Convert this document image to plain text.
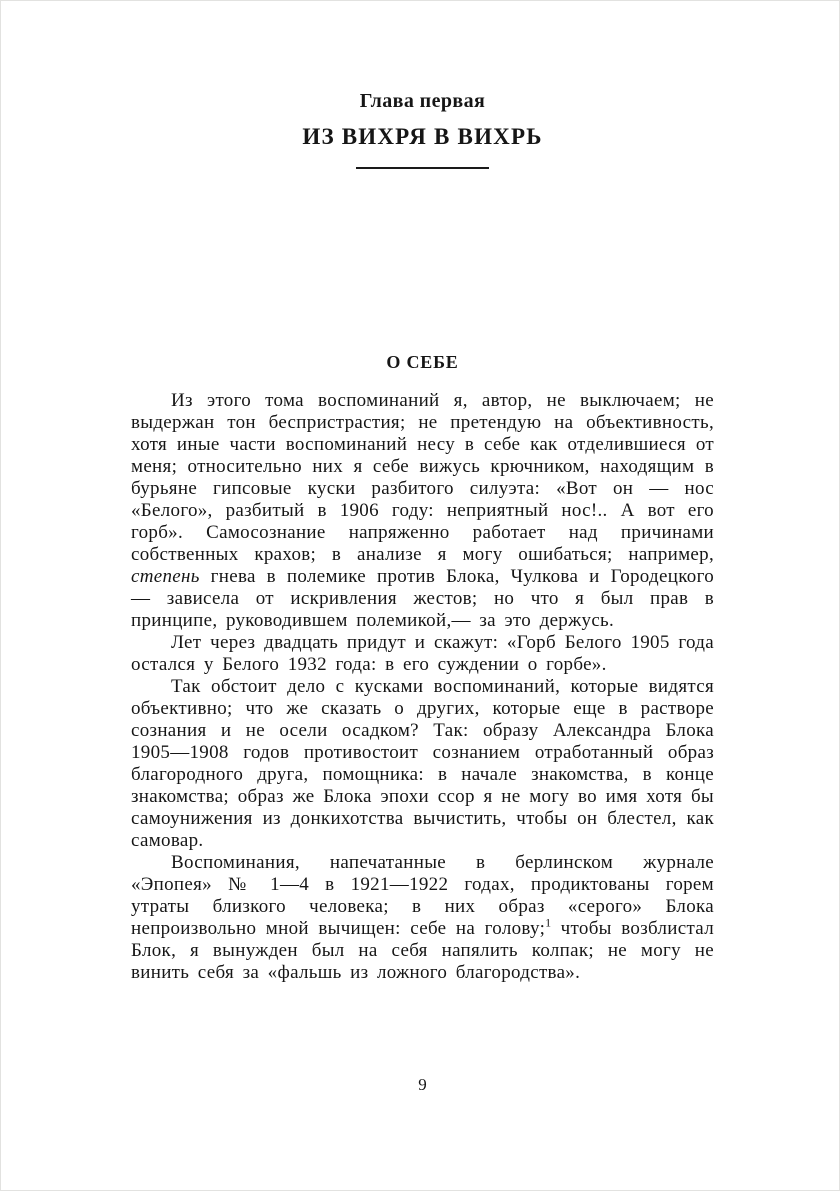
Глава первая
ИЗ ВИХРЯ В ВИХРЬ
О СЕБЕ

Из этого тома воспоминаний я, автор, не выключаем; не выдержан тон беспристрастия; не претендую на объективность, хотя иные части воспоминаний несу в себе как отделившиеся от меня; относительно них я себе вижусь крючником, находящим в бурьяне гипсовые куски разбитого силуэта: «Вот он — нос «Белого», разбитый в 1906 году: неприятный нос!.. А вот его горб». Самосознание напряженно работает над причинами собственных крахов; в анализе я могу ошибаться; например, степень гнева в полемике против Блока, Чулкова и Городецкого — зависела от искривления жестов; но что я был прав в принципе, руководившем полемикой,— за это держусь.

Лет через двадцать придут и скажут: «Горб Белого 1905 года остался у Белого 1932 года: в его суждении о горбе».

Так обстоит дело с кусками воспоминаний, которые видятся объективно; что же сказать о других, которые еще в растворе сознания и не осели осадком? Так: образу Александра Блока 1905—1908 годов противостоит сознанием отработанный образ благородного друга, помощника: в начале знакомства, в конце знакомства; образ же Блока эпохи ссор я не могу во имя хотя бы самоунижения из донкихотства вычистить, чтобы он блестел, как самовар.

Воспоминания, напечатанные в берлинском журнале «Эпопея» № 1—4 в 1921—1922 годах, продиктованы горем утраты близкого человека; в них образ «серого» Блока непроизвольно мной вычищен: себе на голову;$^1$ чтобы возблистал Блок, я вынужден был на себя напялить колпак; не могу не винить себя за «фальшь из ложного благородства».

9
